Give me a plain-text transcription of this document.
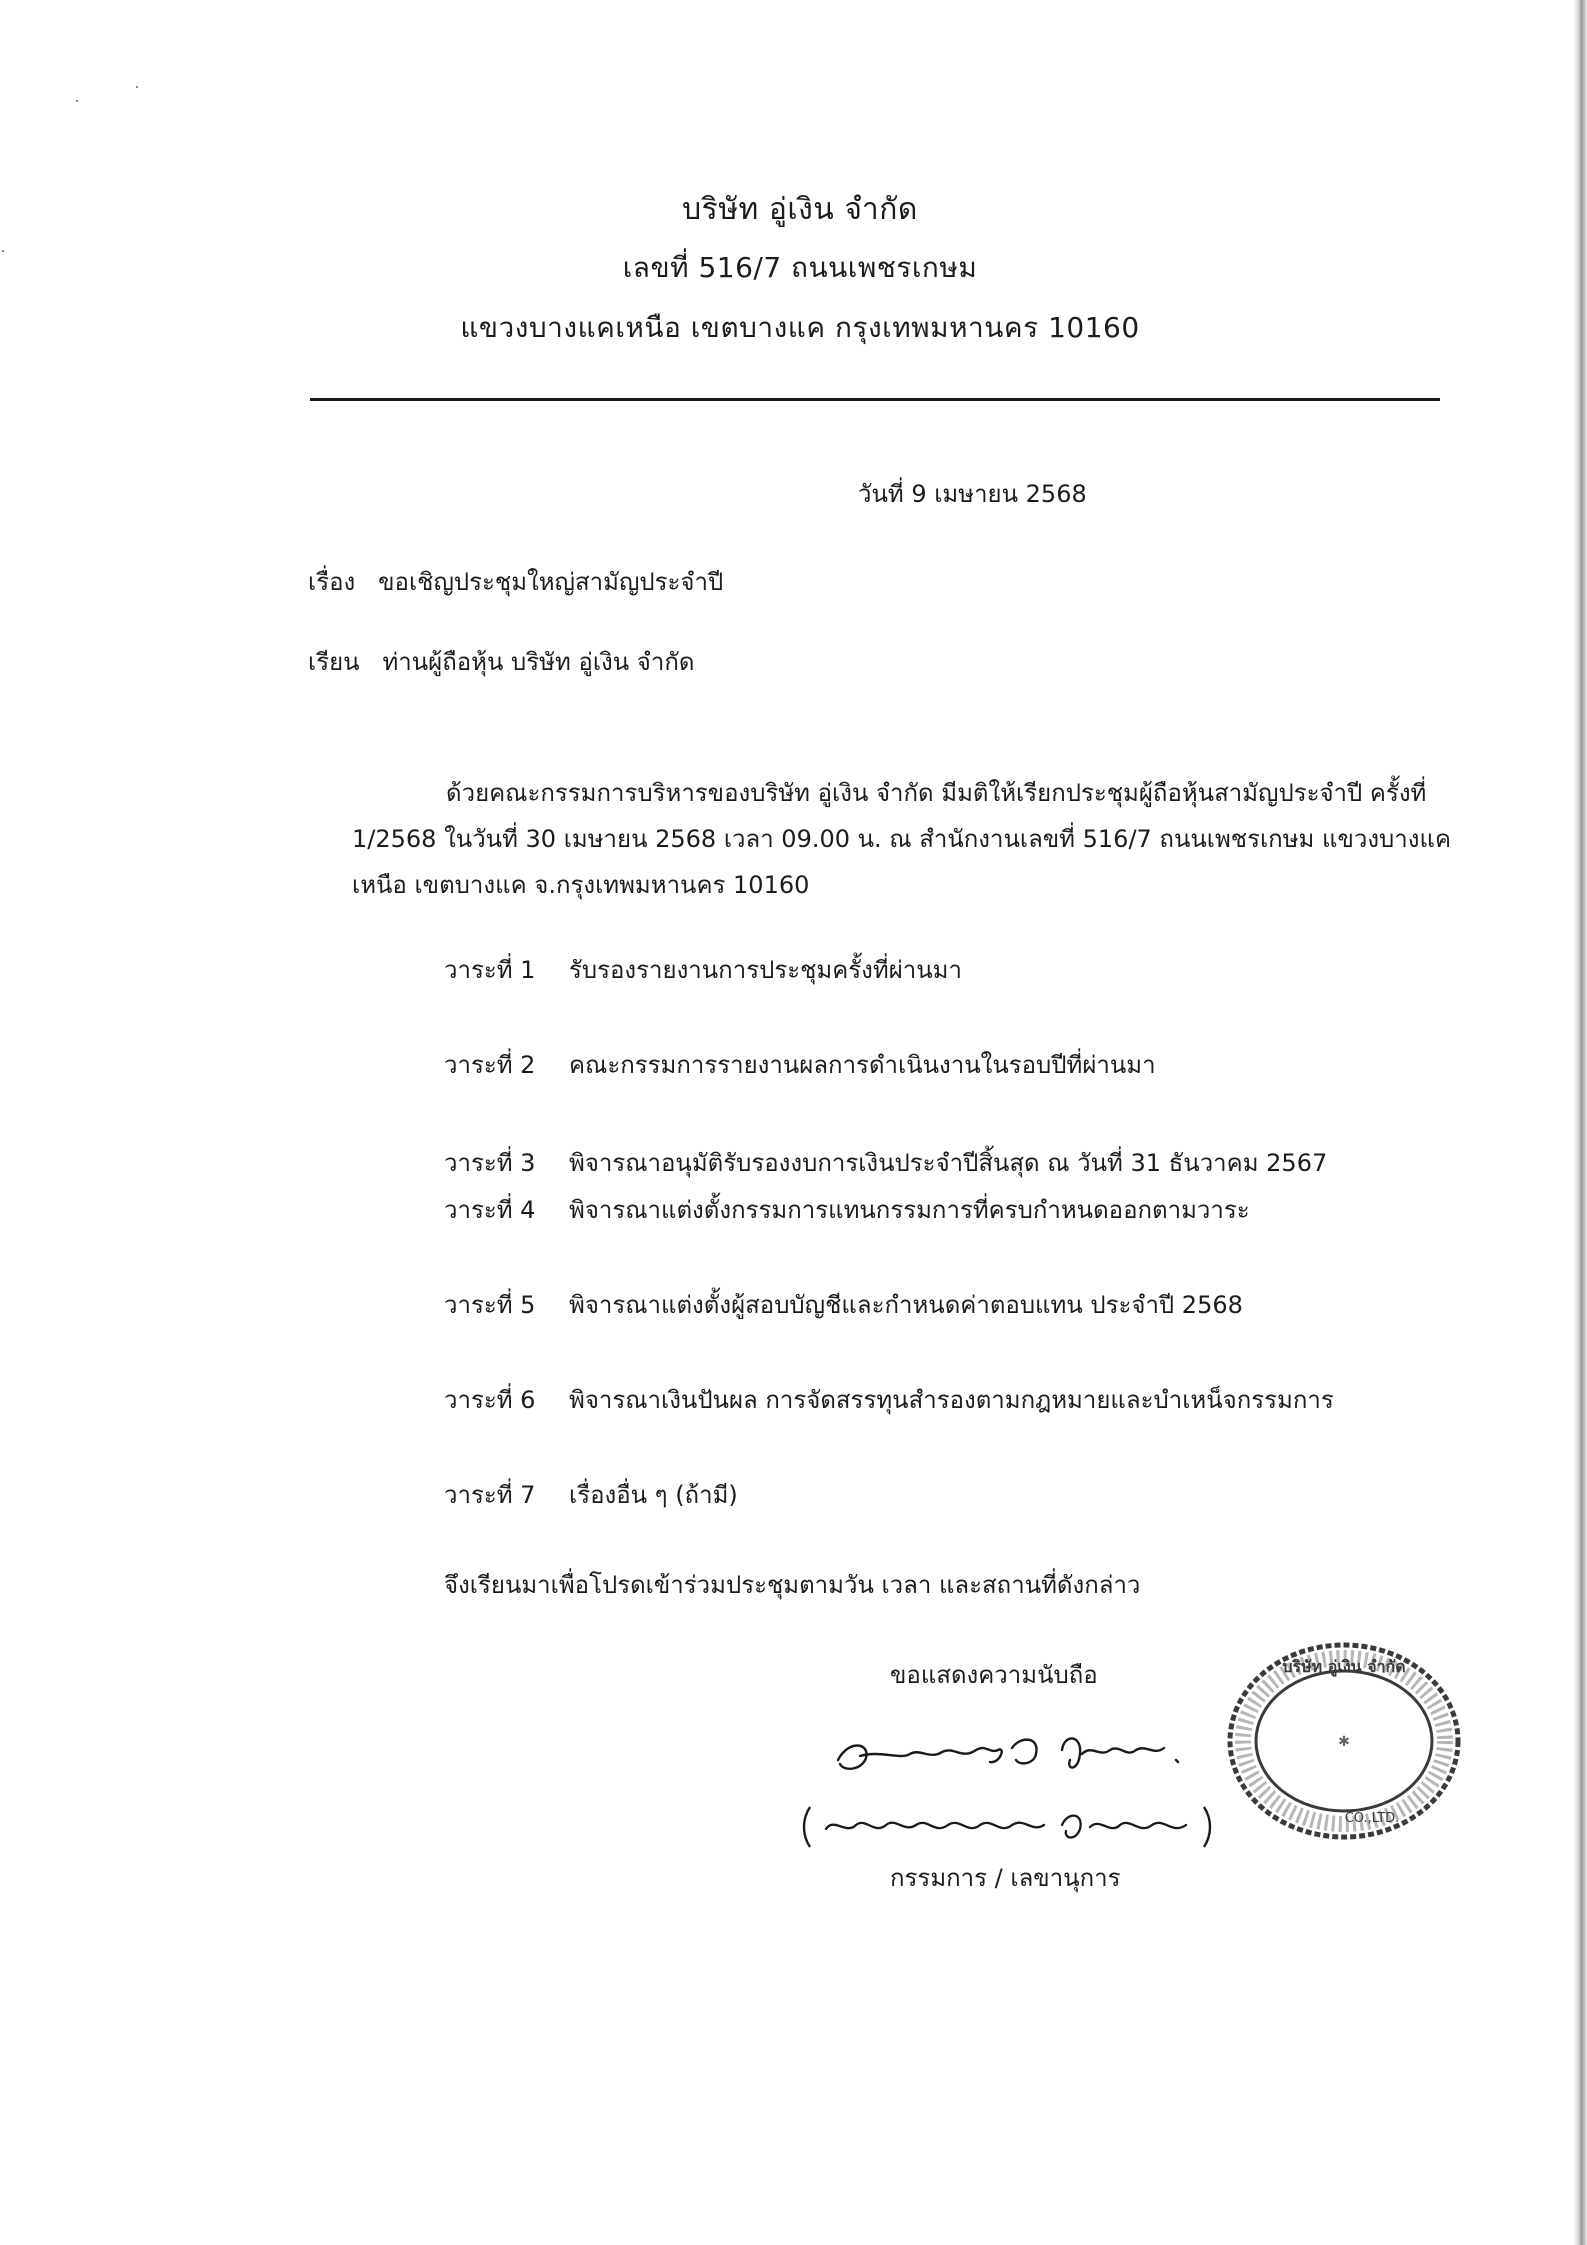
บริษัท อู่เงิน จำกัด
เลขที่ 516/7 ถนนเพชรเกษม
แขวงบางแคเหนือ เขตบางแค กรุงเทพมหานคร 10160
วันที่ 9 เมษายน 2568
เรื่อง ขอเชิญประชุมใหญ่สามัญประจำปี
เรียน ท่านผู้ถือหุ้น บริษัท อู่เงิน จำกัด
ด้วยคณะกรรมการบริหารของบริษัท อู่เงิน จำกัด มีมติให้เรียกประชุมผู้ถือหุ้นสามัญประจำปี ครั้งที่
1/2568 ในวันที่ 30 เมษายน 2568 เวลา 09.00 น. ณ สำนักงานเลขที่ 516/7 ถนนเพชรเกษม แขวงบางแค
เหนือ เขตบางแค จ.กรุงเทพมหานคร 10160
วาระที่ 1 รับรองรายงานการประชุมครั้งที่ผ่านมา
วาระที่ 2 คณะกรรมการรายงานผลการดำเนินงานในรอบปีที่ผ่านมา
วาระที่ 3 พิจารณาอนุมัติรับรองงบการเงินประจำปีสิ้นสุด ณ วันที่ 31 ธันวาคม 2567
วาระที่ 4 พิจารณาแต่งตั้งกรรมการแทนกรรมการที่ครบกำหนดออกตามวาระ
วาระที่ 5 พิจารณาแต่งตั้งผู้สอบบัญชีและกำหนดค่าตอบแทน ประจำปี 2568
วาระที่ 6 พิจารณาเงินปันผล การจัดสรรทุนสำรองตามกฎหมายและบำเหน็จกรรมการ
วาระที่ 7 เรื่องอื่น ๆ (ถ้ามี)
จึงเรียนมาเพื่อโปรดเข้าร่วมประชุมตามวัน เวลา และสถานที่ดังกล่าว
ขอแสดงความนับถือ
กรรมการ / เลขานุการ
บริษัท อู่เงิน จำกัด
CO.,LTD.
✱
